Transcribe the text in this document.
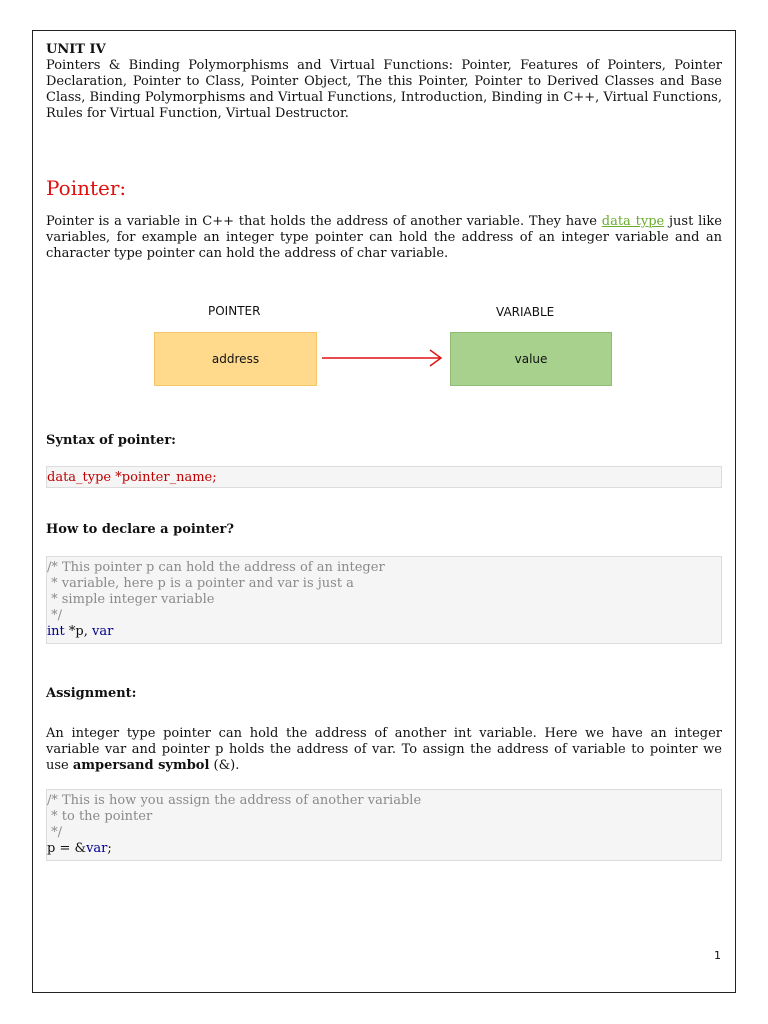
UNIT IV
Pointers & Binding Polymorphisms and Virtual Functions: Pointer, Features of Pointers, Pointer Declaration, Pointer to Class, Pointer Object, The this Pointer, Pointer to Derived Classes and Base Class, Binding Polymorphisms and Virtual Functions, Introduction, Binding in C++, Virtual Functions, Rules for Virtual Function, Virtual Destructor.
Pointer:
Pointer is a variable in C++ that holds the address of another variable. They have data type just like variables, for example an integer type pointer can hold the address of an integer variable and an character type pointer can hold the address of char variable.
POINTER	VARIABLE
address	value
Syntax of pointer:
data_type *pointer_name;
How to declare a pointer?
/* This pointer p can hold the address of an integer
* variable, here p is a pointer and var is just a
* simple integer variable
*/
int *p, var
Assignment:
An integer type pointer can hold the address of another int variable. Here we have an integer variable var and pointer p holds the address of var. To assign the address of variable to pointer we use ampersand symbol (&).
/* This is how you assign the address of another variable
* to the pointer
*/
p = &var;
1
